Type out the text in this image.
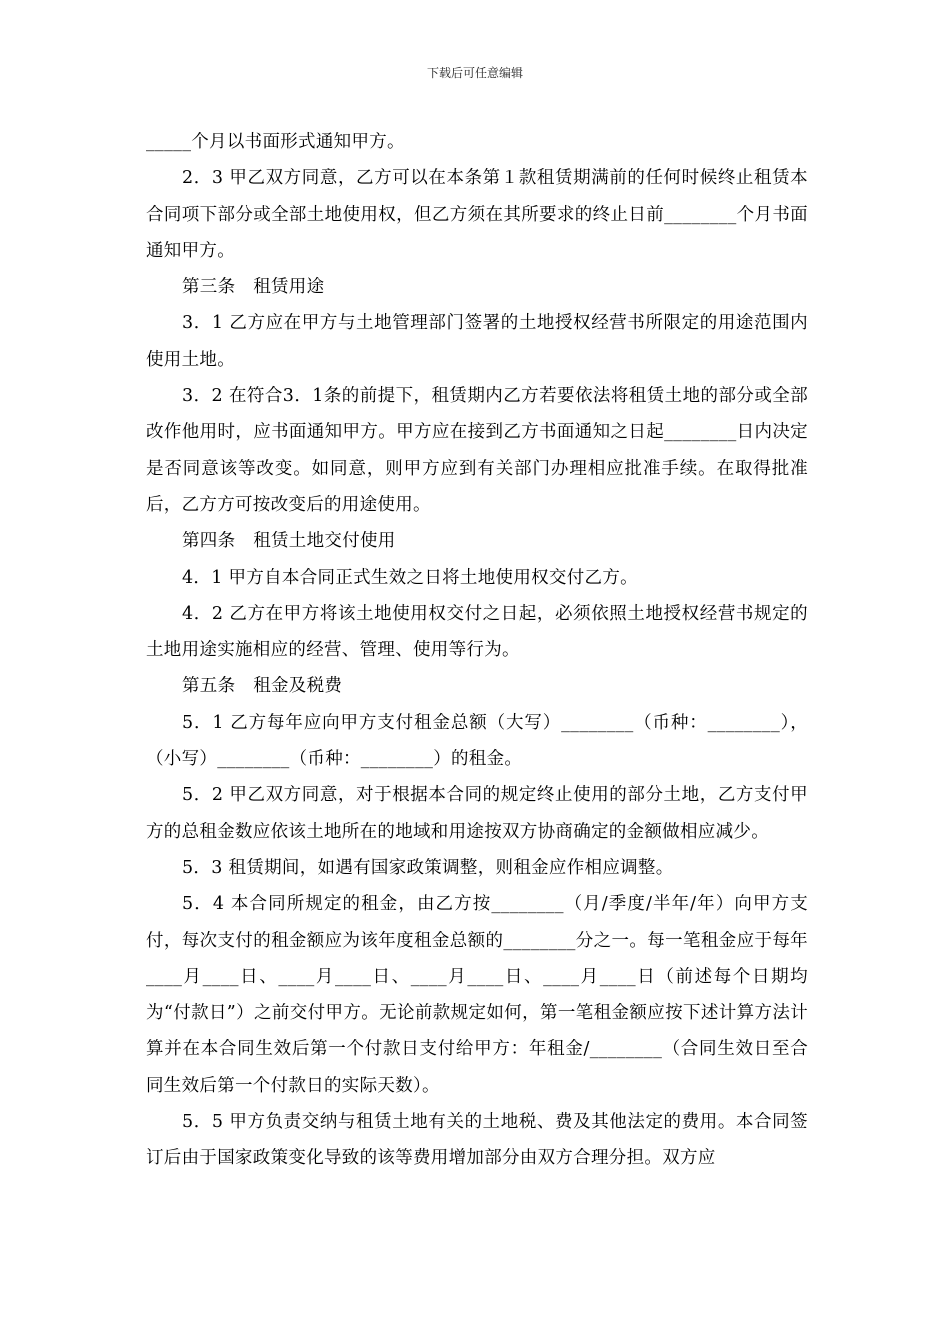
下载后可任意编辑

_____个月以书面形式通知甲方。

2．3 甲乙双方同意，乙方可以在本条第１款租赁期满前的任何时候终止租赁本合同项下部分或全部土地使用权，但乙方须在其所要求的终止日前________个月书面通知甲方。

第三条　租赁用途

3．1 乙方应在甲方与土地管理部门签署的土地授权经营书所限定的用途范围内使用土地。

3．2 在符合3．1条的前提下，租赁期内乙方若要依法将租赁土地的部分或全部改作他用时，应书面通知甲方。甲方应在接到乙方书面通知之日起________日内决定是否同意该等改变。如同意，则甲方应到有关部门办理相应批准手续。在取得批准后，乙方方可按改变后的用途使用。

第四条　租赁土地交付使用

4．1 甲方自本合同正式生效之日将土地使用权交付乙方。

4．2 乙方在甲方将该土地使用权交付之日起，必须依照土地授权经营书规定的土地用途实施相应的经营、管理、使用等行为。

第五条　租金及税费

5．1 乙方每年应向甲方支付租金总额（大写）________（币种：________），（小写）________（币种：________）的租金。

5．2 甲乙双方同意，对于根据本合同的规定终止使用的部分土地，乙方支付甲方的总租金数应依该土地所在的地域和用途按双方协商确定的金额做相应减少。

5．3 租赁期间，如遇有国家政策调整，则租金应作相应调整。

5．4 本合同所规定的租金，由乙方按________（月/季度/半年/年）向甲方支付，每次支付的租金额应为该年度租金总额的________分之一。每一笔租金应于每年____月____日、____月____日、____月____日、____月____日（前述每个日期均为“付款日”）之前交付甲方。无论前款规定如何，第一笔租金额应按下述计算方法计算并在本合同生效后第一个付款日支付给甲方：年租金/________（合同生效日至合同生效后第一个付款日的实际天数）。

5．5 甲方负责交纳与租赁土地有关的土地税、费及其他法定的费用。本合同签订后由于国家政策变化导致的该等费用增加部分由双方合理分担。双方应
